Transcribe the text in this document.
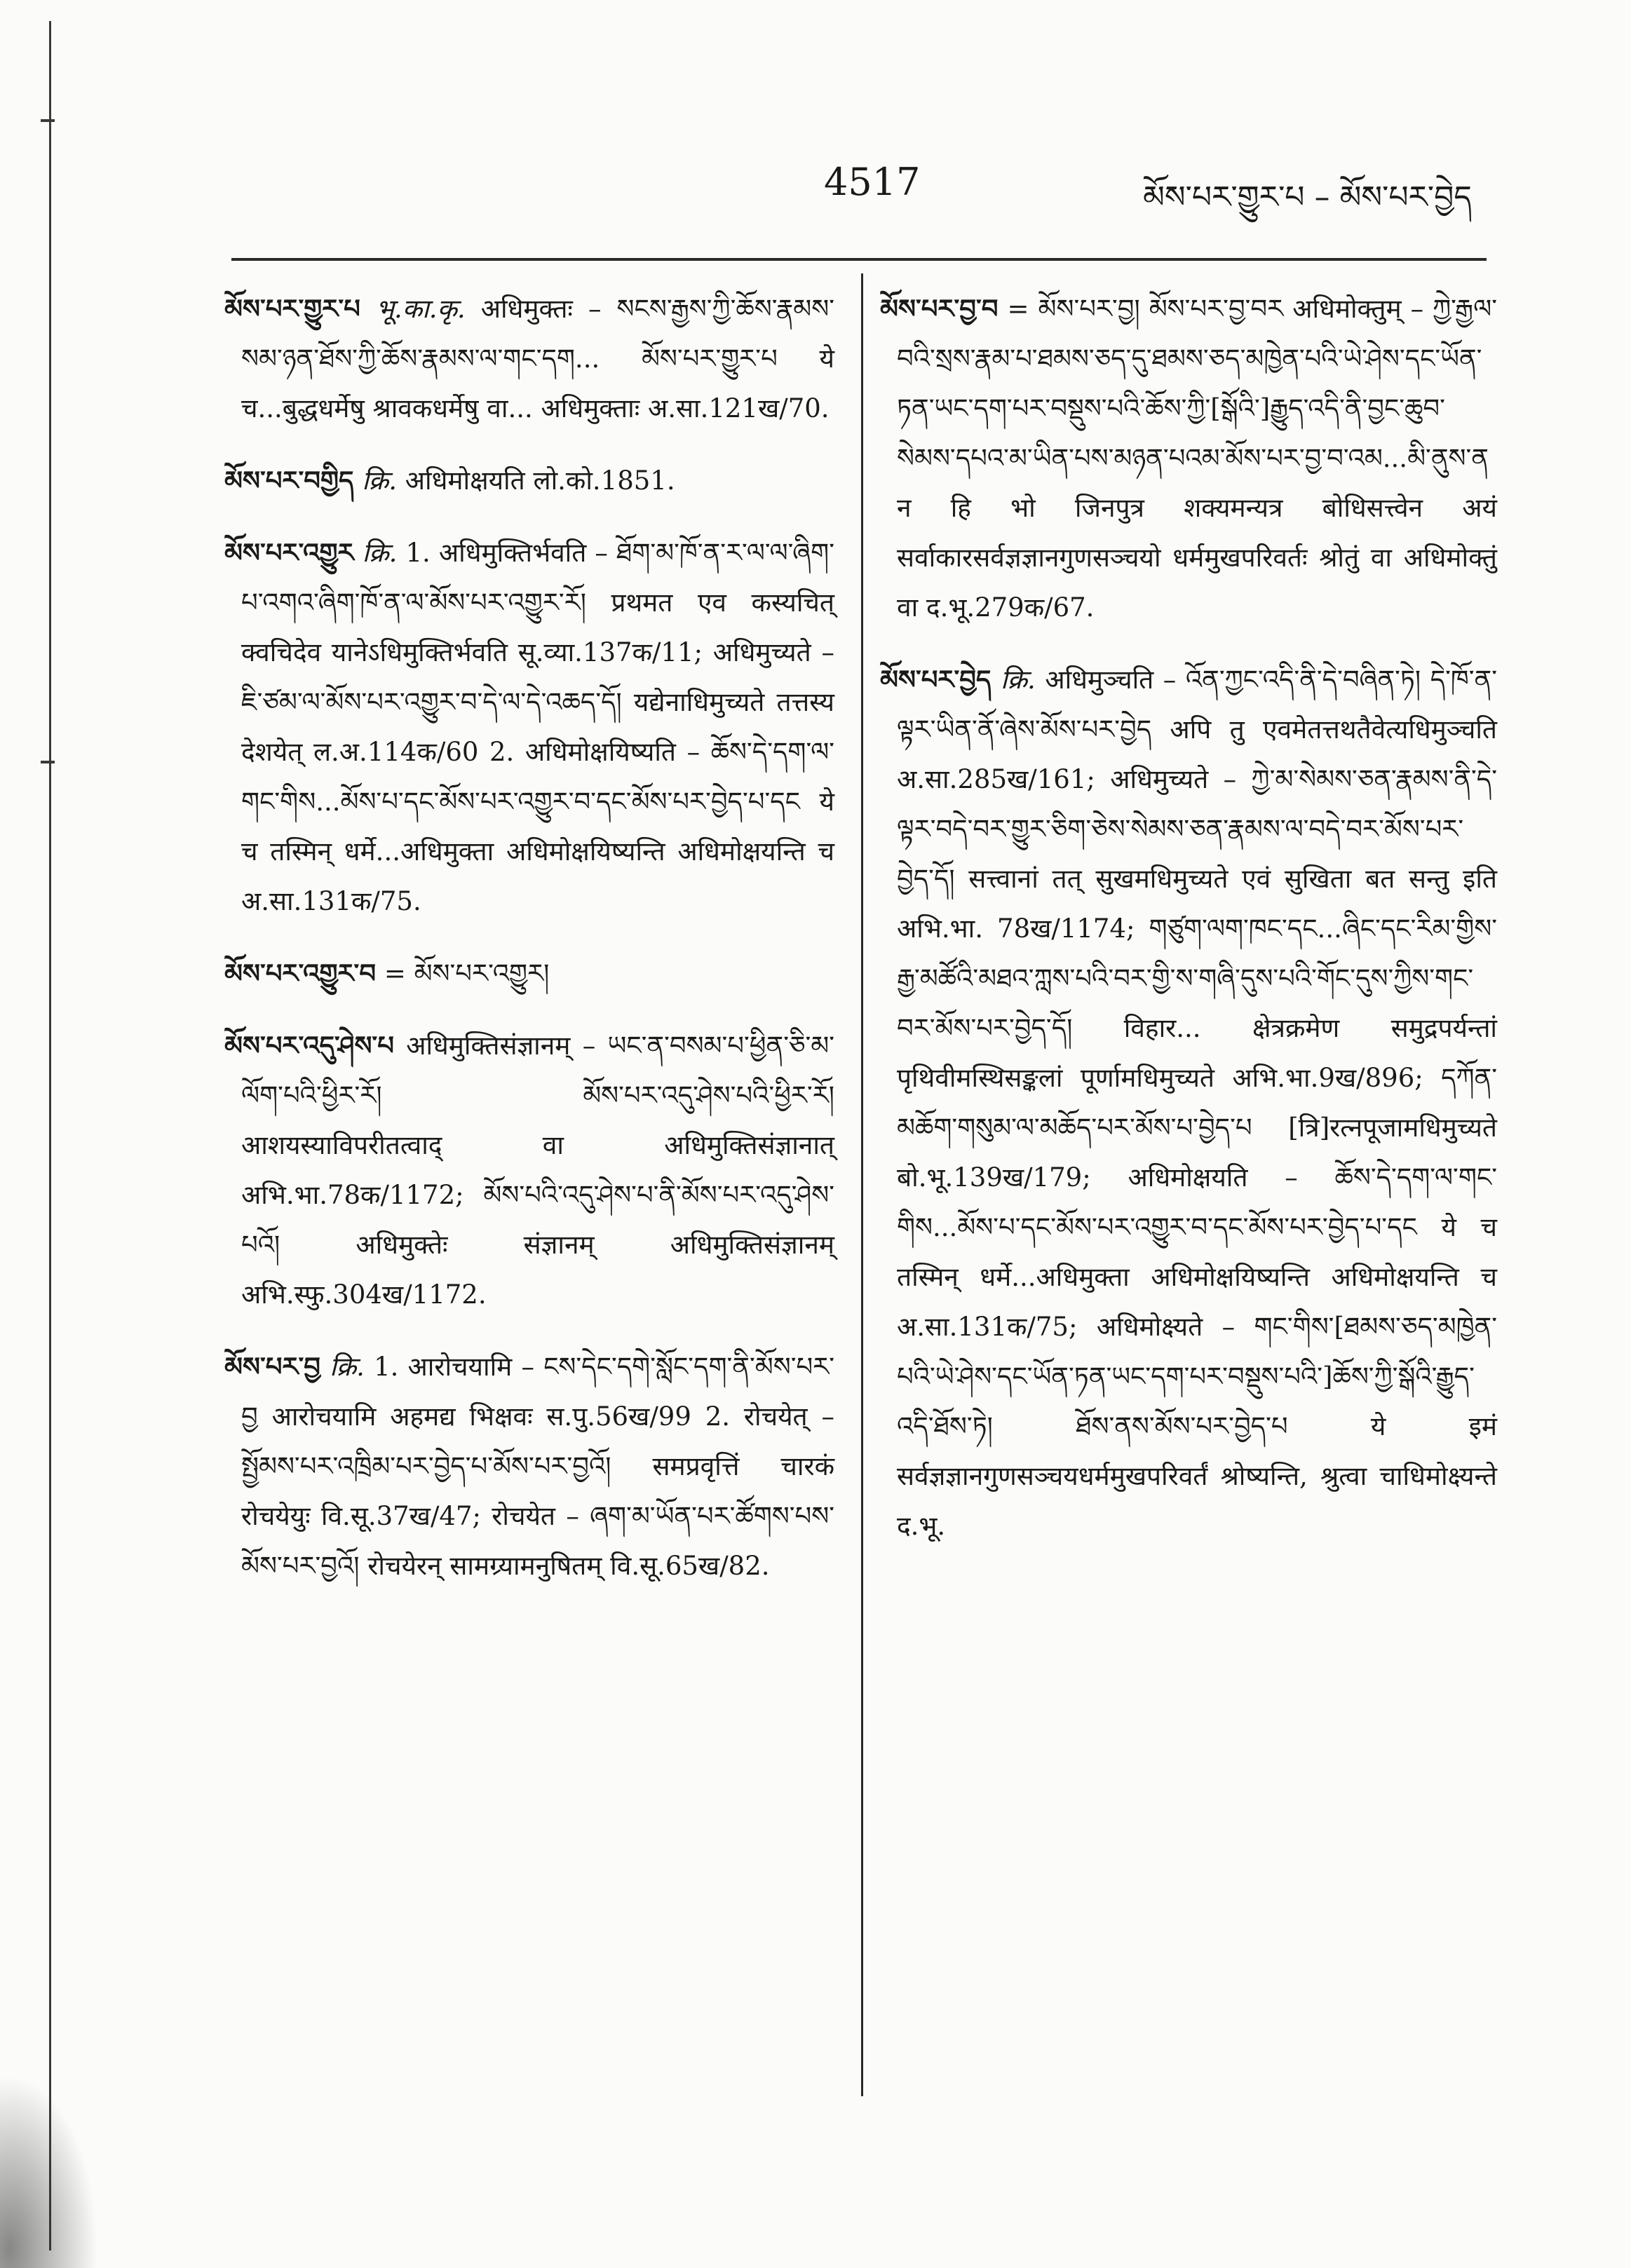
4517	མོས་པར་གྱུར་པ – མོས་པར་བྱེད

མོས་པར་གྱུར་པ भू.का.कृ. अधिमुक्तः – སངས་རྒྱས་ཀྱི་ཆོས་རྣམས་སམ་ཉན་ཐོས་ཀྱི་ཆོས་རྣམས་ལ་གང་དག... མོས་པར་གྱུར་པ ये च...बुद्धधर्मेषु श्रावकधर्मेषु वा... अधिमुक्ताः अ.सा.121ख/70.

མོས་པར་བགྱིད क्रि. अधिमोक्षयति लो.को.1851.

མོས་པར་འགྱུར क्रि. 1. अधिमुक्तिर्भवति – ཐོག་མ་ཁོ་ན་ར་ལ་ལ་ཞིག་པ་འགའ་ཞིག་ཁོ་ན་ལ་མོས་པར་འགྱུར་རོ། प्रथमत एव कस्यचित् क्वचिदेव यानेऽधिमुक्तिर्भवति सू.व्या.137क/11; अधिमुच्यते – ཇི་ཙམ་ལ་མོས་པར་འགྱུར་བ་དེ་ལ་དེ་འཆད་དོ། यद्येनाधिमुच्यते तत्तस्य देशयेत् ल.अ.114क/60 2. अधिमोक्षयिष्यति – ཆོས་དེ་དག་ལ་གང་གིས...མོས་པ་དང་མོས་པར་འགྱུར་བ་དང་མོས་པར་བྱེད་པ་དང ये च तस्मिन् धर्मे...अधिमुक्ता अधिमोक्षयिष्यन्ति अधिमोक्षयन्ति च अ.सा.131क/75.

མོས་པར་འགྱུར་བ = མོས་པར་འགྱུར།

མོས་པར་འདུ་ཤེས་པ अधिमुक्तिसंज्ञानम् – ཡང་ན་བསམ་པ་ཕྱིན་ཅི་མ་ལོག་པའི་ཕྱིར་རོ། མོས་པར་འདུ་ཤེས་པའི་ཕྱིར་རོ། आशयस्याविपरीतत्वाद् वा अधिमुक्तिसंज्ञानात् अभि.भा.78क/1172; མོས་པའི་འདུ་ཤེས་པ་ནི་མོས་པར་འདུ་ཤེས་པའོ། अधिमुक्तेः संज्ञानम् अधिमुक्तिसंज्ञानम् अभि.स्फु.304ख/1172.

མོས་པར་བྱ क्रि. 1. आरोचयामि – ངས་དེང་དགེ་སློང་དག་ནི་མོས་པར་བྱ आरोचयामि अहमद्य भिक्षवः स.पु.56ख/99 2. रोचयेत् – སྤྱོམས་པར་འཁྲིམ་པར་བྱེད་པ་མོས་པར་བྱའོ། समप्रवृत्तिं चारकं रोचयेयुः वि.सू.37ख/47; रोचयेत – ཞག་མ་ཡོན་པར་ཚོགས་པས་མོས་པར་བྱའོ། रोचयेरन् सामग्र्यामनुषितम् वि.सू.65ख/82.

མོས་པར་བྱ་བ = མོས་པར་བྱ། མོས་པར་བྱ་བར अधिमोक्तुम् – ཀྱེ་རྒྱལ་བའི་སྲས་རྣམ་པ་ཐམས་ཅད་དུ་ཐམས་ཅད་མཁྱེན་པའི་ཡེ་ཤེས་དང་ཡོན་ཏན་ཡང་དག་པར་བསྡུས་པའི་ཆོས་ཀྱི་[སྒོའི་]རྒྱུད་འདི་ནི་བྱང་ཆུབ་སེམས་དཔའ་མ་ཡིན་པས་མཉན་པའམ་མོས་པར་བྱ་བ་འམ...མི་ནུས་ན न हि भो जिनपुत्र शक्यमन्यत्र बोधिसत्त्वेन अयं सर्वाकारसर्वज्ञज्ञानगुणसञ्चयो धर्ममुखपरिवर्तः श्रोतुं वा अधिमोक्तुं वा द.भू.279क/67.

མོས་པར་བྱེད क्रि. अधिमुञ्चति – འོན་ཀྱང་འདི་ནི་དེ་བཞིན་ཏེ། དེ་ཁོ་ན་ལྟར་ཡིན་ནོ་ཞེས་མོས་པར་བྱེད अपि तु एवमेतत्तथतैवेत्यधिमुञ्चति अ.सा.285ख/161; अधिमुच्यते – ཀྱེ་མ་སེམས་ཅན་རྣམས་ནི་དེ་ལྟར་བདེ་བར་གྱུར་ཅིག་ཅེས་སེམས་ཅན་རྣམས་ལ་བདེ་བར་མོས་པར་བྱེད་དོ། सत्त्वानां तत् सुखमधिमुच्यते एवं सुखिता बत सन्तु इति अभि.भा. 78ख/1174; གཙུག་ལག་ཁང་དང...ཞིང་དང་རིམ་གྱིས་རྒྱ་མཚོའི་མཐའ་ཀླས་པའི་བར་གྱི་ས་གཞི་དུས་པའི་གོང་དུས་ཀྱིས་གང་བར་མོས་པར་བྱེད་དོ། विहार... क्षेत्रक्रमेण समुद्रपर्यन्तां पृथिवीमस्थिसङ्कलां पूर्णामधिमुच्यते अभि.भा.9ख/896; དཀོན་མཆོག་གསུམ་ལ་མཆོད་པར་མོས་པ་བྱེད་པ [त्रि]रत्नपूजामधिमुच्यते बो.भू.139ख/179; अधिमोक्षयति – ཆོས་དེ་དག་ལ་གང་གིས...མོས་པ་དང་མོས་པར་འགྱུར་བ་དང་མོས་པར་བྱེད་པ་དང ये च तस्मिन् धर्मे...अधिमुक्ता अधिमोक्षयिष्यन्ति अधिमोक्षयन्ति च अ.सा.131क/75; अधिमोक्ष्यते – གང་གིས་[ཐམས་ཅད་མཁྱེན་པའི་ཡེ་ཤེས་དང་ཡོན་ཏན་ཡང་དག་པར་བསྡུས་པའི་]ཆོས་ཀྱི་སྒོའི་རྒྱུད་འདི་ཐོས་ཏེ། ཐོས་ནས་མོས་པར་བྱེད་པ ये इमं सर्वज्ञज्ञानगुणसञ्चयधर्ममुखपरिवर्तं श्रोष्यन्ति, श्रुत्वा चाधिमोक्ष्यन्ते द.भू.
